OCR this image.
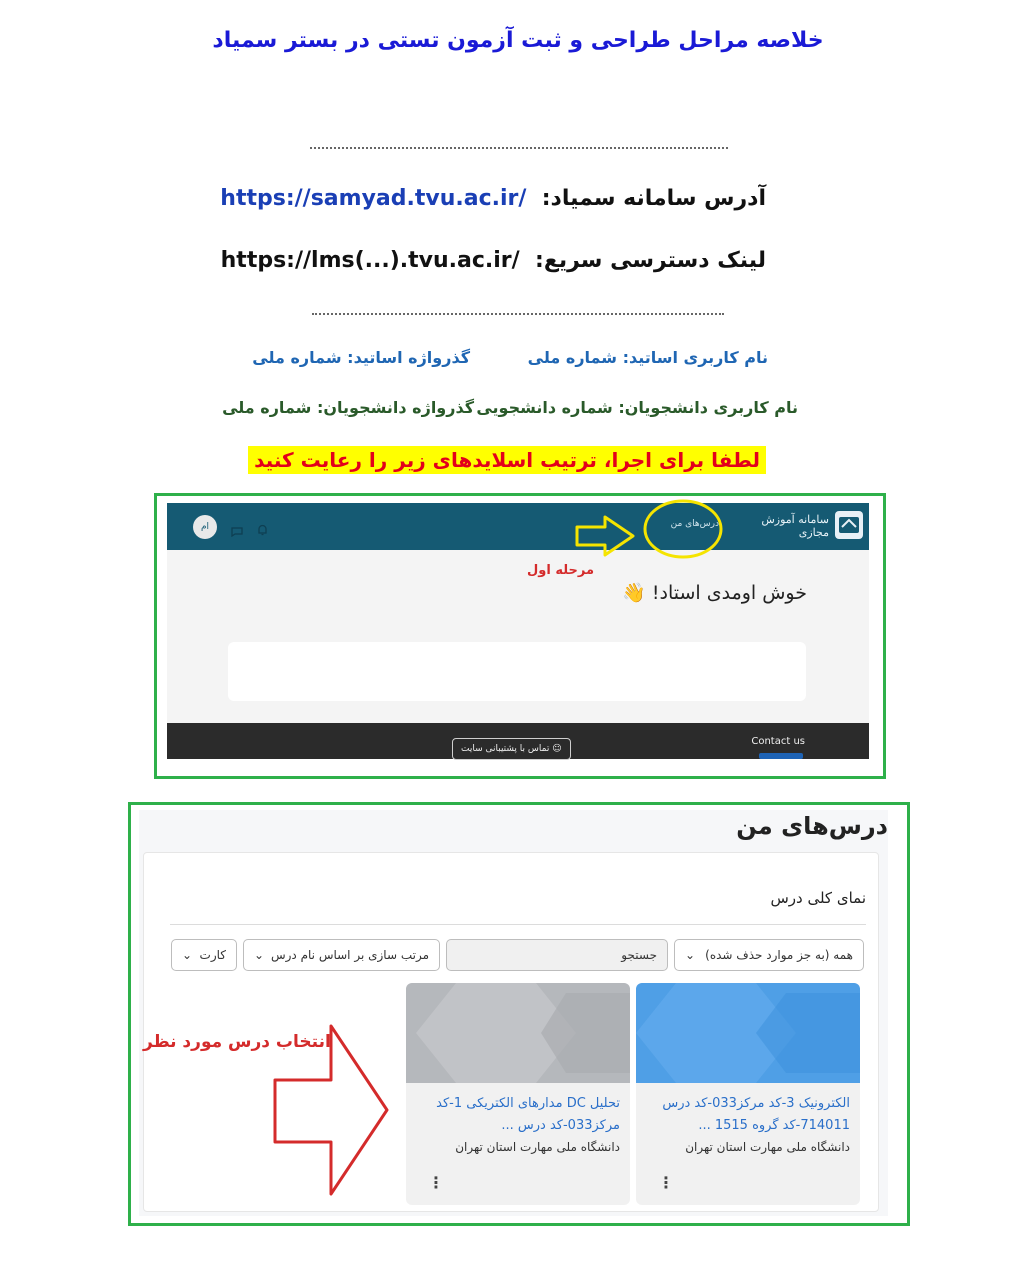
خلاصه مراحل طراحی و ثبت آزمون تستی در بستر سمیاد
آدرس سامانه سمیاد:  https://samyad.tvu.ac.ir/
لینک دسترسی سریع:  https://lms(...).tvu.ac.ir/
نام کاربری اساتید: شماره ملی
گذرواژه اساتید: شماره ملی
نام کاربری دانشجویان: شماره دانشجویی
گذرواژه دانشجویان: شماره ملی
لطفا برای اجرا، ترتیب اسلایدهای زیر را رعایت کنید
سامانه آموزش مجازی
درس‌های من
ام
مرحله اول
خوش اومدی استاد! 👋
Contact us
☺ تماس با پشتیبانی سایت
درس‌های من
نمای کلی درس
همه (به جز موارد حذف شده)
⌄
جستجو
مرتب سازی بر اساس نام درس
⌄
کارت
⌄
الکترونیک 3-کد مرکز033-کد درس 714011-کد گروه 1515 ...
دانشگاه ملی مهارت استان تهران
⋮
تحلیل DC مدارهای الکتریکی 1-کد مرکز033-کد درس ...
دانشگاه ملی مهارت استان تهران
⋮
انتخاب درس مورد نظر
